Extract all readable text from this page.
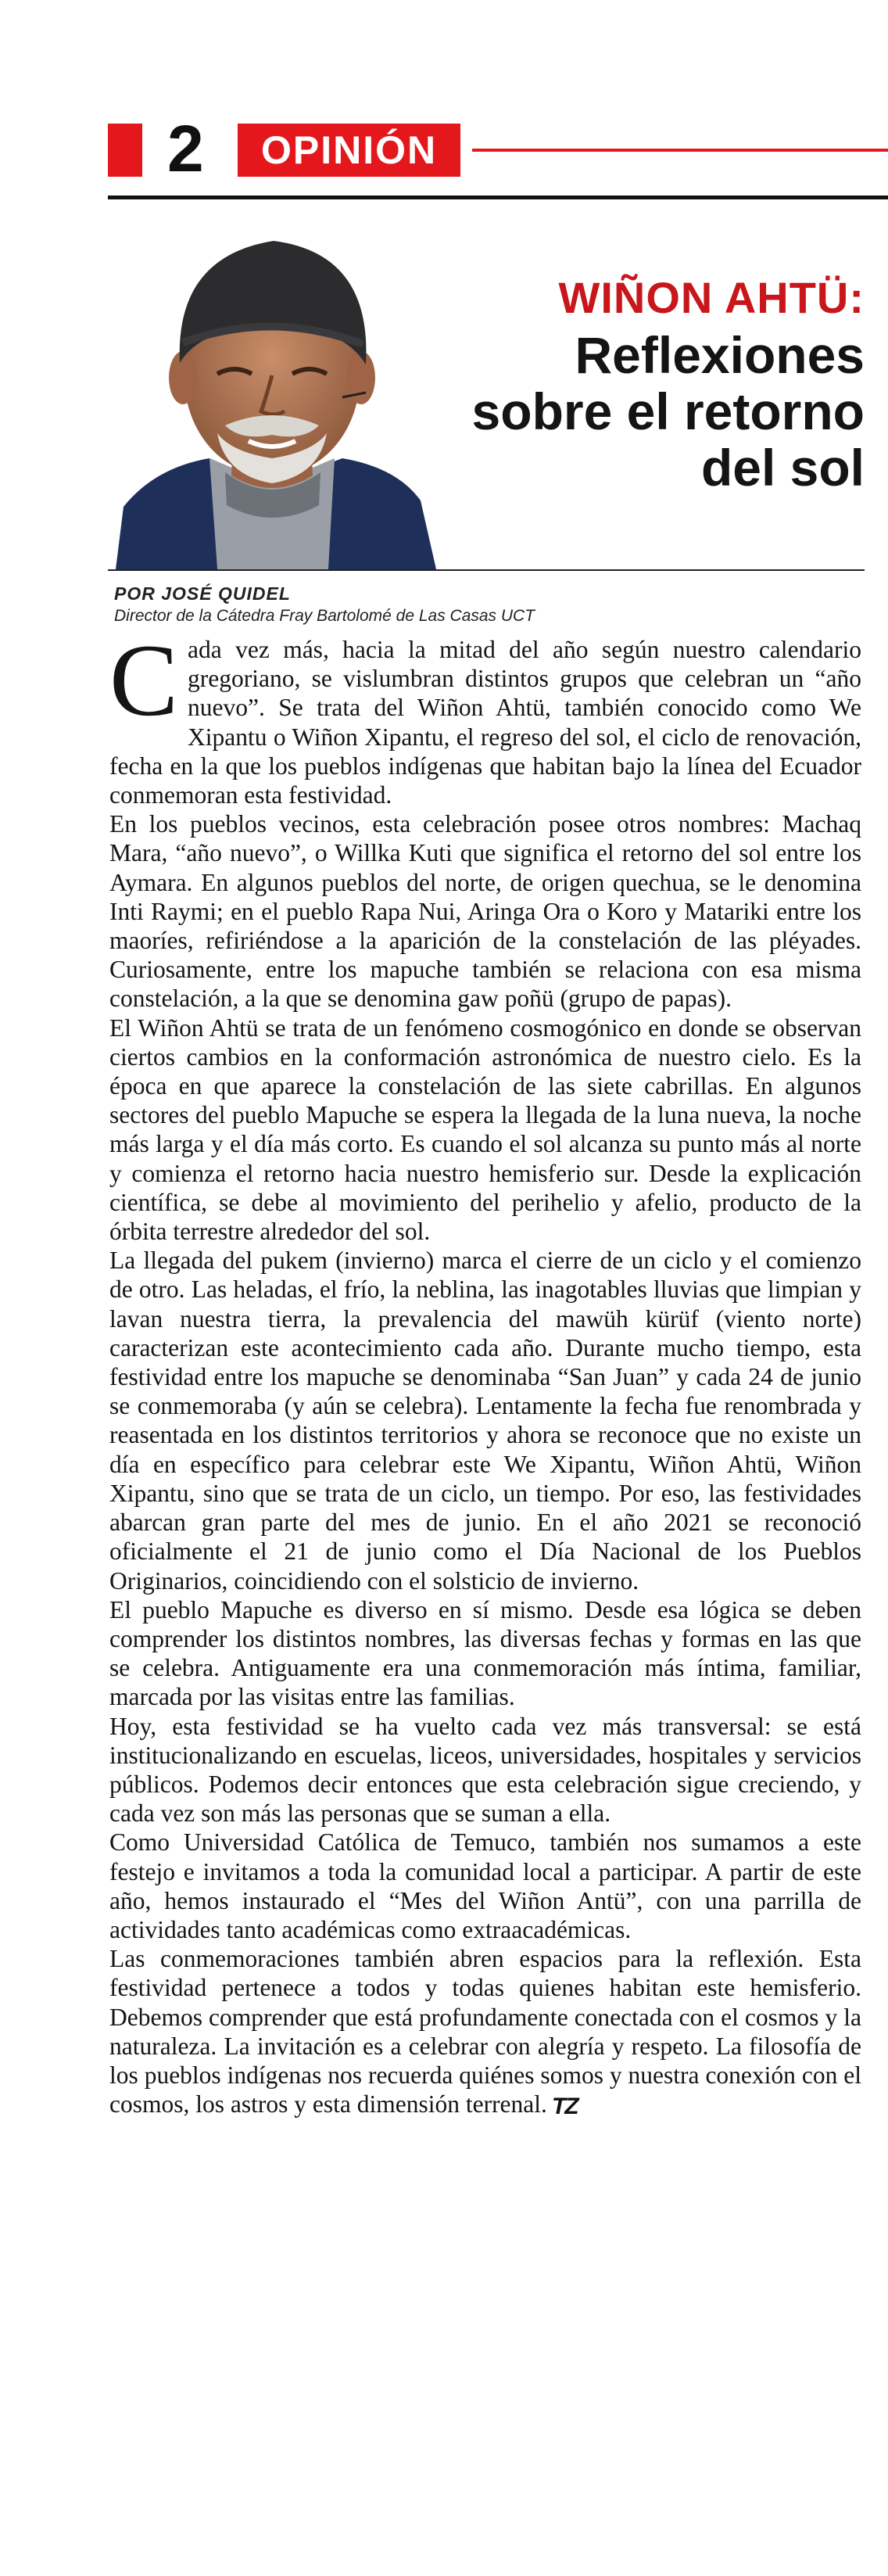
2	OPINIÓN
WIÑON AHTÜ:
Reflexiones
sobre el retorno
del sol
POR JOSÉ QUIDEL
Director de la Cátedra Fray Bartolomé de Las Casas UCT

Cada vez más, hacia la mitad del año según nuestro calendario gregoriano, se vislumbran distintos grupos que celebran un “año nuevo”. Se trata del Wiñon Ahtü, también conocido como We Xipantu o Wiñon Xipantu, el regreso del sol, el ciclo de renovación, fecha en la que los pueblos indígenas que habitan bajo la línea del Ecuador conmemoran esta festividad.

En los pueblos vecinos, esta celebración posee otros nombres: Machaq Mara, “año nuevo”, o Willka Kuti que significa el retorno del sol entre los Aymara. En algunos pueblos del norte, de origen quechua, se le denomina Inti Raymi; en el pueblo Rapa Nui, Aringa Ora o Koro y Matariki entre los maoríes, refiriéndose a la aparición de la constelación de las pléyades. Curiosamente, entre los mapuche también se relaciona con esa misma constelación, a la que se denomina gaw poñü (grupo de papas).

El Wiñon Ahtü se trata de un fenómeno cosmogónico en donde se observan ciertos cambios en la conformación astronómica de nuestro cielo. Es la época en que aparece la constelación de las siete cabrillas. En algunos sectores del pueblo Mapuche se espera la llegada de la luna nueva, la noche más larga y el día más corto. Es cuando el sol alcanza su punto más al norte y comienza el retorno hacia nuestro hemisferio sur. Desde la explicación científica, se debe al movimiento del perihelio y afelio, producto de la órbita terrestre alrededor del sol.

La llegada del pukem (invierno) marca el cierre de un ciclo y el comienzo de otro. Las heladas, el frío, la neblina, las inagotables lluvias que limpian y lavan nuestra tierra, la prevalencia del mawüh kürüf (viento norte) caracterizan este acontecimiento cada año. Durante mucho tiempo, esta festividad entre los mapuche se denominaba “San Juan” y cada 24 de junio se conmemoraba (y aún se celebra). Lentamente la fecha fue renombrada y reasentada en los distintos territorios y ahora se reconoce que no existe un día en específico para celebrar este We Xipantu, Wiñon Ahtü, Wiñon Xipantu, sino que se trata de un ciclo, un tiempo. Por eso, las festividades abarcan gran parte del mes de junio. En el año 2021 se reconoció oficialmente el 21 de junio como el Día Nacional de los Pueblos Originarios, coincidiendo con el solsticio de invierno.

El pueblo Mapuche es diverso en sí mismo. Desde esa lógica se deben comprender los distintos nombres, las diversas fechas y formas en las que se celebra. Antiguamente era una conmemoración más íntima, familiar, marcada por las visitas entre las familias.

Hoy, esta festividad se ha vuelto cada vez más transversal: se está institucionalizando en escuelas, liceos, universidades, hospitales y servicios públicos. Podemos decir entonces que esta celebración sigue creciendo, y cada vez son más las personas que se suman a ella.

Como Universidad Católica de Temuco, también nos sumamos a este festejo e invitamos a toda la comunidad local a participar. A partir de este año, hemos instaurado el “Mes del Wiñon Antü”, con una parrilla de actividades tanto académicas como extraacadémicas.

Las conmemoraciones también abren espacios para la reflexión. Esta festividad pertenece a todos y todas quienes habitan este hemisferio. Debemos comprender que está profundamente conectada con el cosmos y la naturaleza. La invitación es a celebrar con alegría y respeto. La filosofía de los pueblos indígenas nos recuerda quiénes somos y nuestra conexión con el cosmos, los astros y esta dimensión terrenal. TZ
